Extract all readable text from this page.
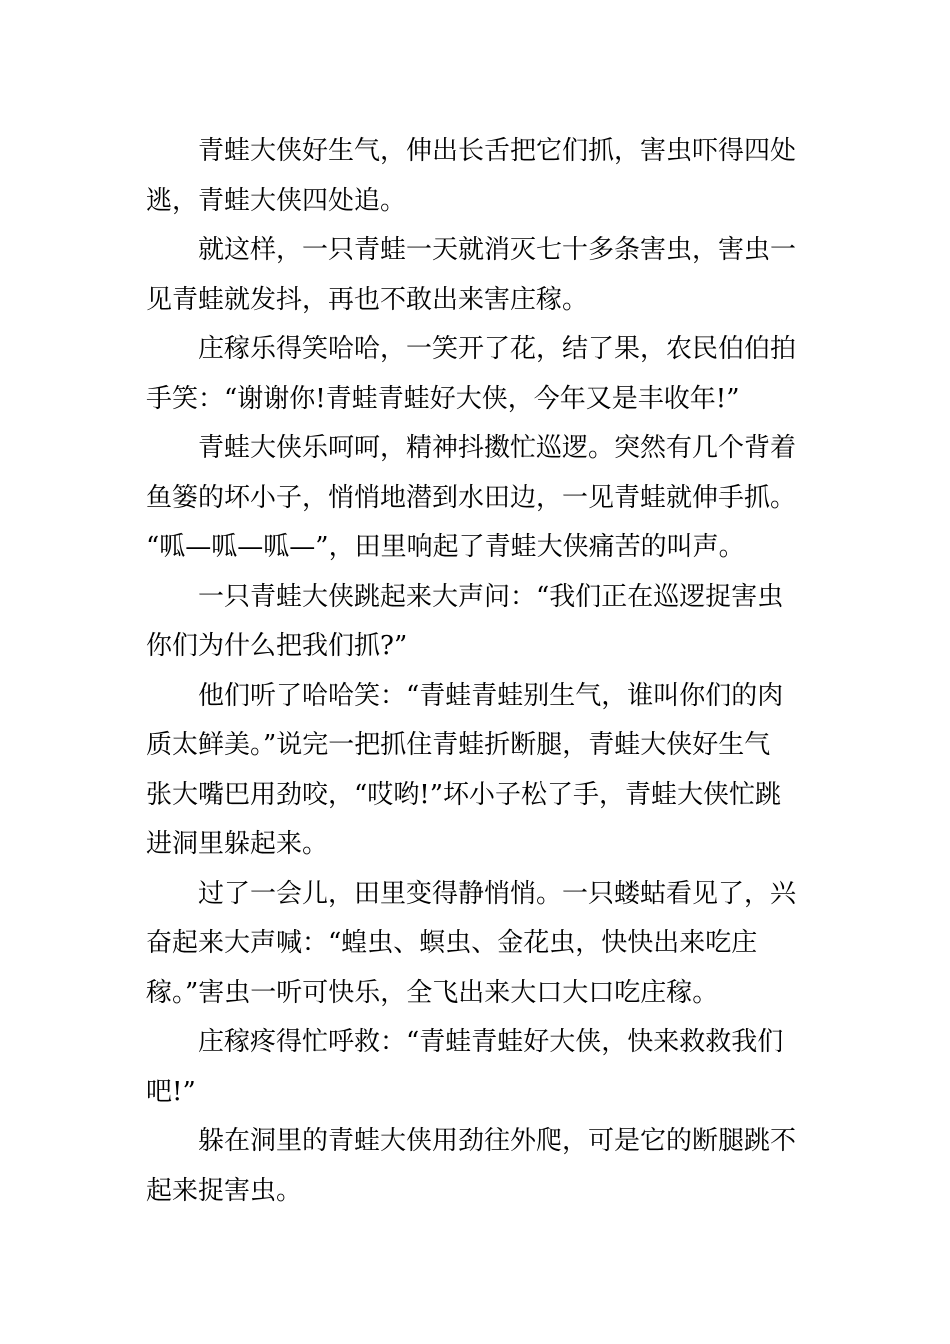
青蛙大侠好生气，伸出长舌把它们抓，害虫吓得四处
逃，青蛙大侠四处追。

就这样，一只青蛙一天就消灭七十多条害虫，害虫一
见青蛙就发抖，再也不敢出来害庄稼。

庄稼乐得笑哈哈，一笑开了花，结了果，农民伯伯拍
手笑：“谢谢你!青蛙青蛙好大侠，今年又是丰收年!”

青蛙大侠乐呵呵，精神抖擞忙巡逻。突然有几个背着
鱼篓的坏小子，悄悄地潜到水田边，一见青蛙就伸手抓。
“呱—呱—呱—”，田里响起了青蛙大侠痛苦的叫声。

一只青蛙大侠跳起来大声问：“我们正在巡逻捉害虫
你们为什么把我们抓?”

他们听了哈哈笑：“青蛙青蛙别生气，谁叫你们的肉
质太鲜美。”说完一把抓住青蛙折断腿，青蛙大侠好生气
张大嘴巴用劲咬，“哎哟!”坏小子松了手，青蛙大侠忙跳
进洞里躲起来。

过了一会儿，田里变得静悄悄。一只蝼蛄看见了，兴
奋起来大声喊：“蝗虫、螟虫、金花虫，快快出来吃庄
稼。”害虫一听可快乐，全飞出来大口大口吃庄稼。

庄稼疼得忙呼救：“青蛙青蛙好大侠，快来救救我们
吧!”

躲在洞里的青蛙大侠用劲往外爬，可是它的断腿跳不
起来捉害虫。
